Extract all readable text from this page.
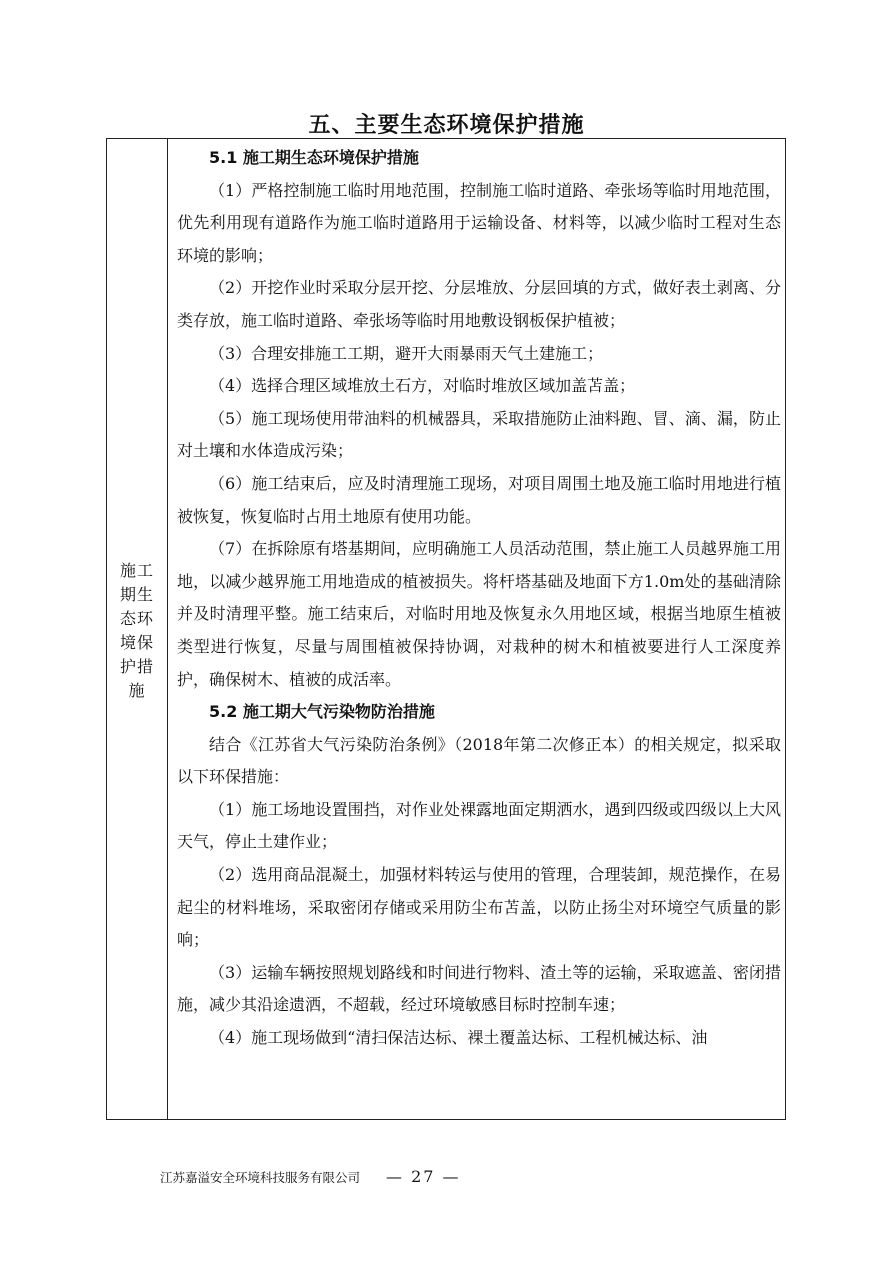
五、主要生态环境保护措施
施工
期生
态环
境保
护措
施
5.1 施工期生态环境保护措施

（1）严格控制施工临时用地范围，控制施工临时道路、牵张场等临时用地范围，优先利用现有道路作为施工临时道路用于运输设备、材料等，以减少临时工程对生态环境的影响；

（2）开挖作业时采取分层开挖、分层堆放、分层回填的方式，做好表土剥离、分类存放，施工临时道路、牵张场等临时用地敷设钢板保护植被；

（3）合理安排施工工期，避开大雨暴雨天气土建施工；

（4）选择合理区域堆放土石方，对临时堆放区域加盖苫盖；

（5）施工现场使用带油料的机械器具，采取措施防止油料跑、冒、滴、漏，防止对土壤和水体造成污染；

（6）施工结束后，应及时清理施工现场，对项目周围土地及施工临时用地进行植被恢复，恢复临时占用土地原有使用功能。

（7）在拆除原有塔基期间，应明确施工人员活动范围，禁止施工人员越界施工用地，以减少越界施工用地造成的植被损失。将杆塔基础及地面下方1.0m处的基础清除并及时清理平整。施工结束后，对临时用地及恢复永久用地区域，根据当地原生植被类型进行恢复，尽量与周围植被保持协调，对栽种的树木和植被要进行人工深度养护，确保树木、植被的成活率。

5.2 施工期大气污染物防治措施

结合《江苏省大气污染防治条例》（2018年第二次修正本）的相关规定，拟采取以下环保措施：

（1）施工场地设置围挡，对作业处裸露地面定期洒水，遇到四级或四级以上大风天气，停止土建作业；

（2）选用商品混凝土，加强材料转运与使用的管理，合理装卸，规范操作，在易起尘的材料堆场，采取密闭存储或采用防尘布苫盖，以防止扬尘对环境空气质量的影响；

（3）运输车辆按照规划路线和时间进行物料、渣土等的运输，采取遮盖、密闭措施，减少其沿途遗洒，不超载，经过环境敏感目标时控制车速；

（4）施工现场做到“清扫保洁达标、裸土覆盖达标、工程机械达标、油

江苏嘉溢安全环境科技服务有限公司 — 27 —
